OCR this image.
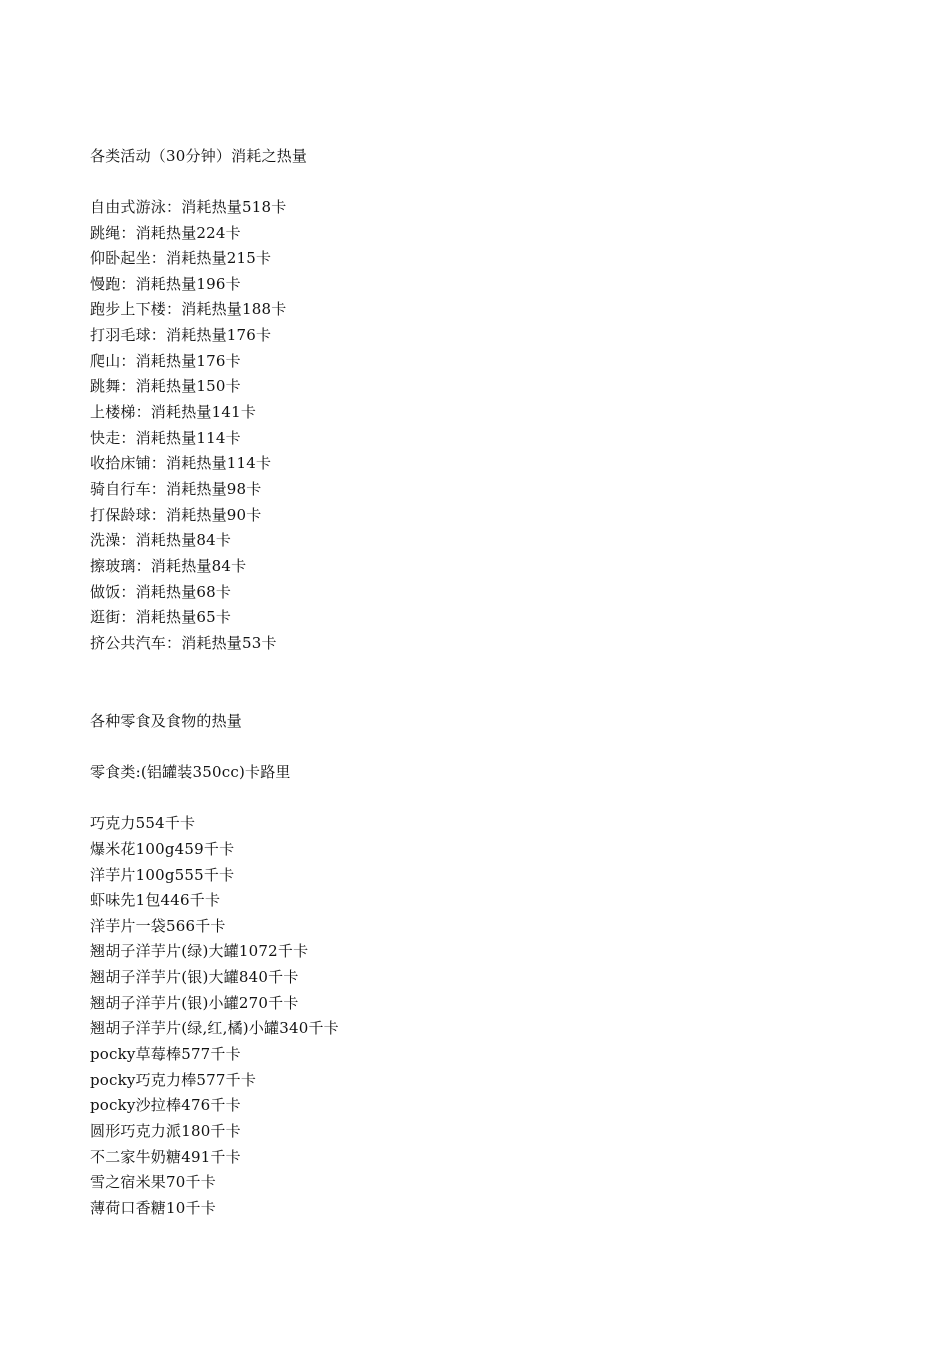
各类活动（30分钟）消耗之热量
自由式游泳：消耗热量518卡
跳绳：消耗热量224卡
仰卧起坐：消耗热量215卡
慢跑：消耗热量196卡
跑步上下楼：消耗热量188卡
打羽毛球：消耗热量176卡
爬山：消耗热量176卡
跳舞：消耗热量150卡
上楼梯：消耗热量141卡
快走：消耗热量114卡
收拾床铺：消耗热量114卡
骑自行车：消耗热量98卡
打保龄球：消耗热量90卡
洗澡：消耗热量84卡
擦玻璃：消耗热量84卡
做饭：消耗热量68卡
逛街：消耗热量65卡
挤公共汽车：消耗热量53卡
各种零食及食物的热量
零食类:(铝罐装350cc)卡路里
巧克力554千卡
爆米花100g459千卡
洋芋片100g555千卡
虾味先1包446千卡
洋芋片一袋566千卡
翘胡子洋芋片(绿)大罐1072千卡
翘胡子洋芋片(银)大罐840千卡
翘胡子洋芋片(银)小罐270千卡
翘胡子洋芋片(绿,红,橘)小罐340千卡
pocky草莓棒577千卡
pocky巧克力棒577千卡
pocky沙拉棒476千卡
圆形巧克力派180千卡
不二家牛奶糖491千卡
雪之宿米果70千卡
薄荷口香糖10千卡
